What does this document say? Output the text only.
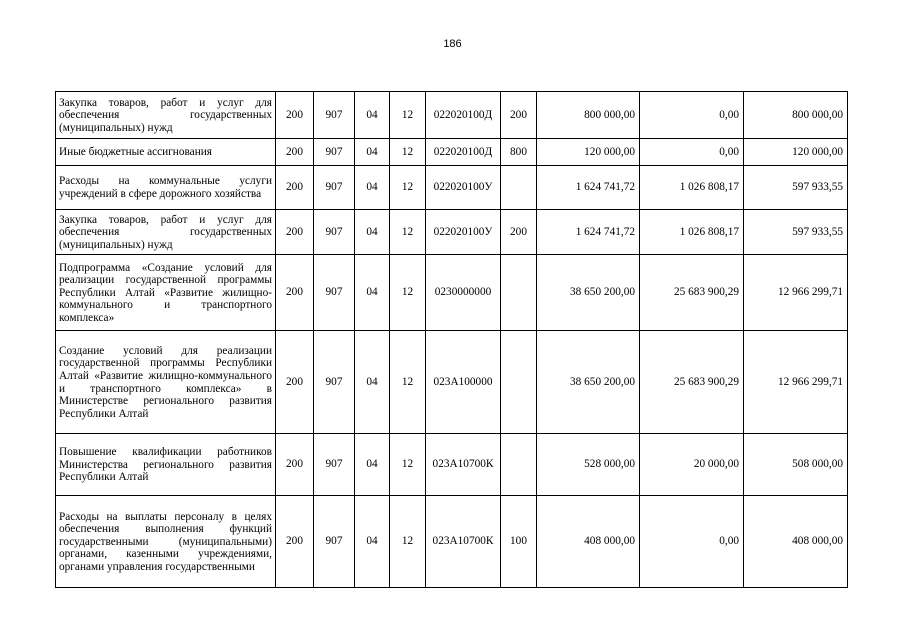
186
Закупка товаров, работ и услуг для обеспечения государственных (муниципальных) нужд	200	907	04	12	022020100Д	200	800 000,00	0,00	800 000,00
Иные бюджетные ассигнования	200	907	04	12	022020100Д	800	120 000,00	0,00	120 000,00
Расходы на коммунальные услуги учреждений в сфере дорожного хозяйства	200	907	04	12	022020100У		1 624 741,72	1 026 808,17	597 933,55
Закупка товаров, работ и услуг для обеспечения государственных (муниципальных) нужд	200	907	04	12	022020100У	200	1 624 741,72	1 026 808,17	597 933,55
Подпрограмма «Создание условий для реализации государственной программы Республики Алтай «Развитие жилищно-коммунального и транспортного комплекса»	200	907	04	12	0230000000		38 650 200,00	25 683 900,29	12 966 299,71
Создание условий для реализации государственной программы Республики Алтай «Развитие жилищно-коммунального и транспортного комплекса» в Министерстве регионального развития Республики Алтай	200	907	04	12	023А100000		38 650 200,00	25 683 900,29	12 966 299,71
Повышение квалификации работников Министерства регионального развития Республики Алтай	200	907	04	12	023А10700К		528 000,00	20 000,00	508 000,00
Расходы на выплаты персоналу в целях обеспечения выполнения функций государственными (муниципальными) органами, казенными учреждениями, органами управления государственными	200	907	04	12	023А10700К	100	408 000,00	0,00	408 000,00
